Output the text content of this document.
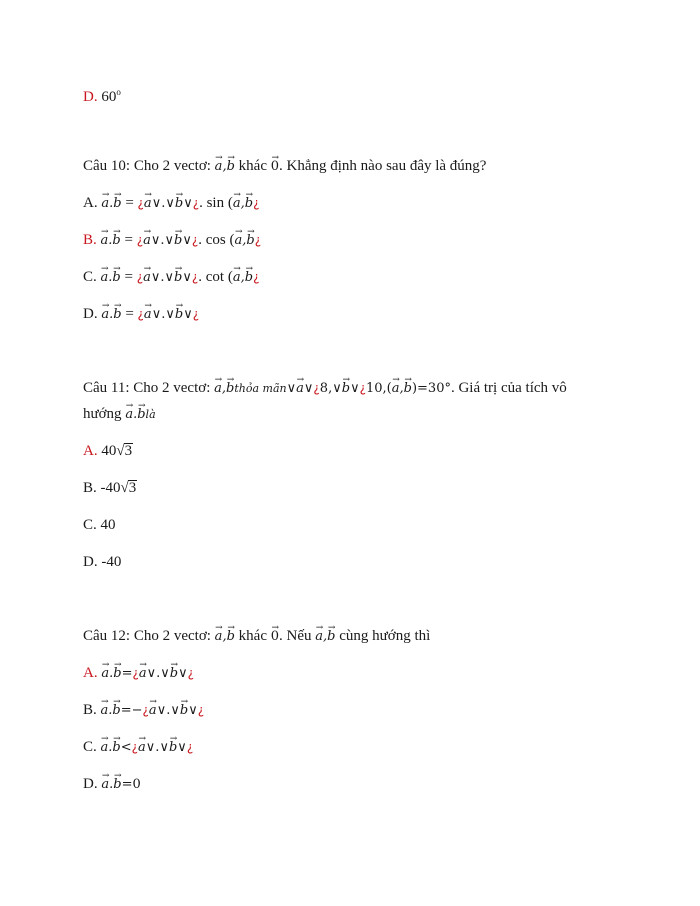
D. 60$^o$
Câu 10: Cho 2 vectơ: → a,→ b khác → 0. Khẳng định nào sau đây là đúng?
A. → a.→ b = ¿→ a∨.∨→ b∨¿. sin (→ a,→ b¿
B. → a.→ b = ¿→ a∨.∨→ b∨¿. cos (→ a,→ b¿
C. → a.→ b = ¿→ a∨.∨→ b∨¿. cot (→ a,→ b¿
D. → a.→ b = ¿→ a∨.∨→ b∨¿
Câu 11: Cho 2 vectơ: → a,→ bthỏa mãn∨→ a∨¿8,∨→ b∨¿10,(→ a,→ b)=30°. Giá trị của tích vô
hướng → a.→ blà
A. 40√3
B. -40√3
C. 40
D. -40
Câu 12: Cho 2 vectơ: → a,→ b khác → 0. Nếu → a,→ b cùng hướng thì
A. → a.→ b=¿→ a∨.∨→ b∨¿
B. → a.→ b=−¿→ a∨.∨→ b∨¿
C. → a.→ b<¿→ a∨.∨→ b∨¿
D. → a.→ b=0
